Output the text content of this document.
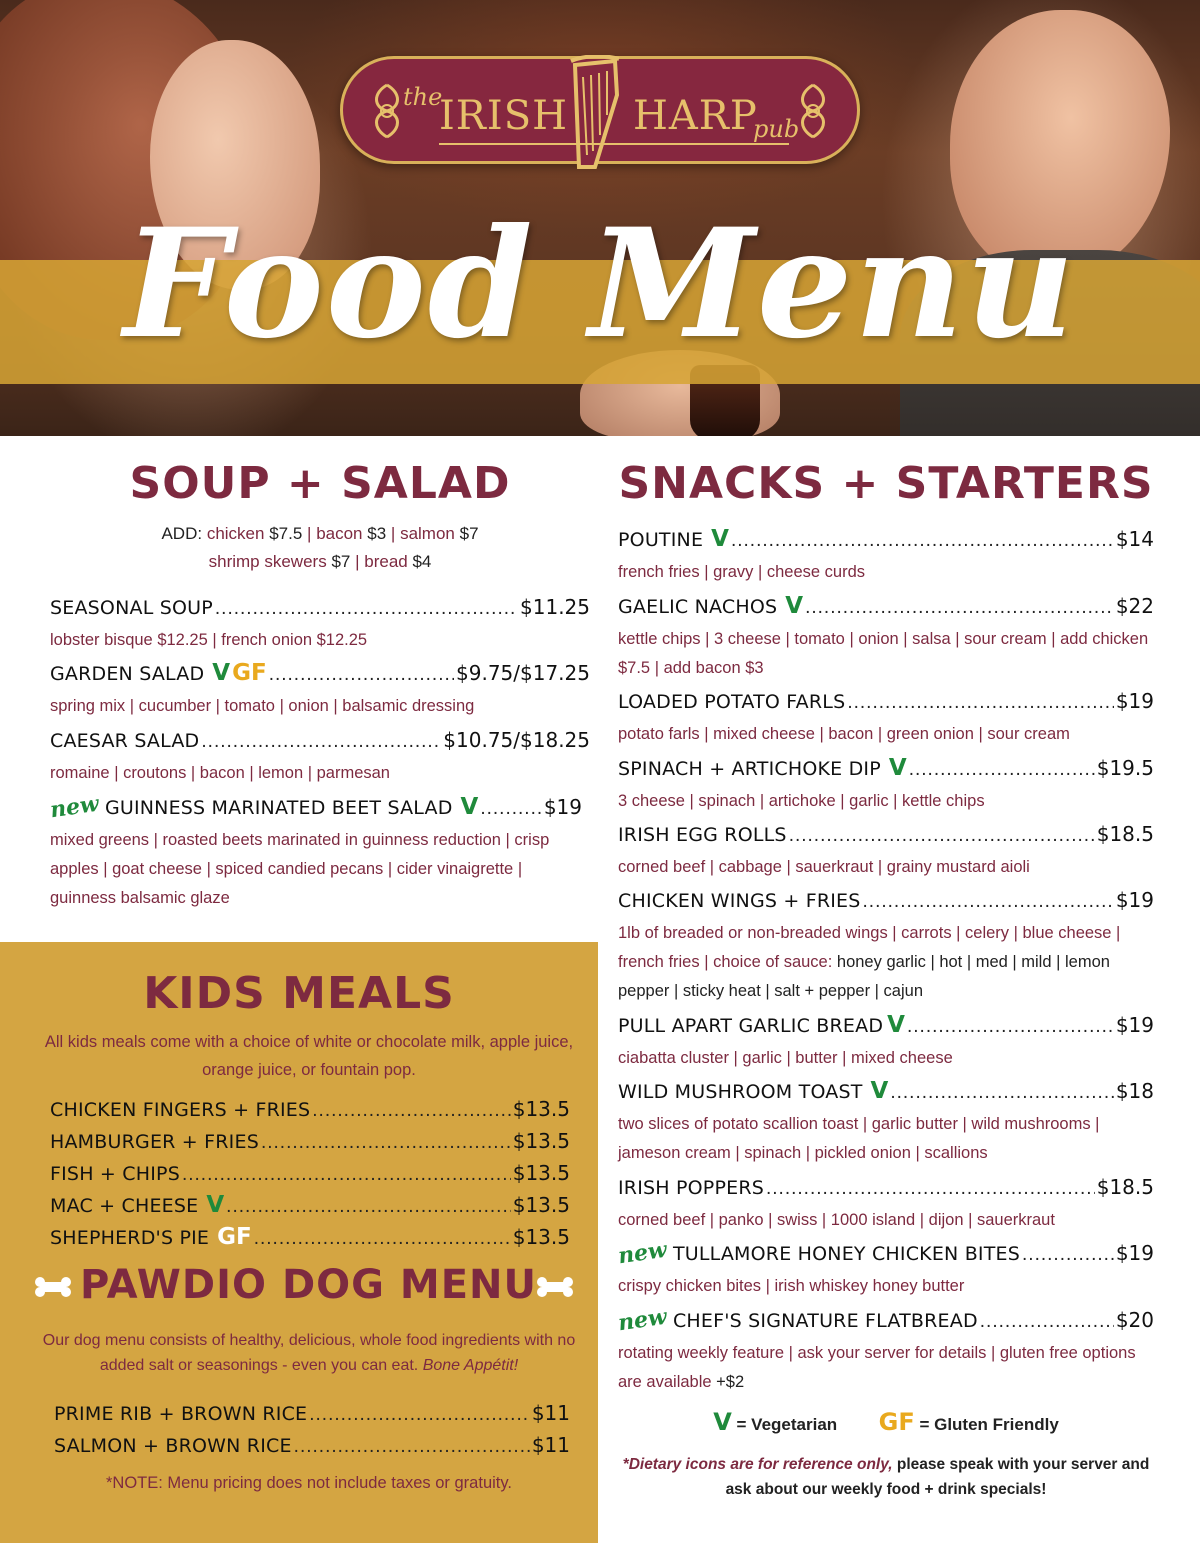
Food Menu
the
IRISH HARP
pub
SOUP + SALAD
ADD: chicken $7.5 | bacon $3 | salmon $7
shrimp skewers $7 | bread $4
SEASONAL SOUP .....	$11.25
lobster bisque $12.25 | french onion $12.25
GARDEN SALAD V GF .....	$9.75/$17.25
spring mix | cucumber | tomato | onion | balsamic dressing
CAESAR SALAD .....	$10.75/$18.25
romaine | croutons | bacon | lemon | parmesan
new GUINNESS MARINATED BEET SALAD V .....	$19
mixed greens | roasted beets marinated in guinness reduction | crisp apples | goat cheese | spiced candied pecans | cider vinaigrette | guinness balsamic glaze
KIDS MEALS
All kids meals come with a choice of white or chocolate milk, apple juice, orange juice, or fountain pop.
CHICKEN FINGERS + FRIES .....	$13.5
HAMBURGER + FRIES .....	$13.5
FISH + CHIPS .....	$13.5
MAC + CHEESE V .....	$13.5
SHEPHERD'S PIE GF .....	$13.5
PAWDIO DOG MENU
Our dog menu consists of healthy, delicious, whole food ingredients with no added salt or seasonings - even you can eat. Bone Appétit!
PRIME RIB + BROWN RICE .....	$11
SALMON + BROWN RICE .....	$11
*NOTE: Menu pricing does not include taxes or gratuity.
SNACKS + STARTERS
POUTINE V .....	$14
french fries | gravy | cheese curds
GAELIC NACHOS V .....	$22
kettle chips | 3 cheese | tomato | onion | salsa | sour cream | add chicken $7.5 | add bacon $3
LOADED POTATO FARLS .....	$19
potato farls | mixed cheese | bacon | green onion | sour cream
SPINACH + ARTICHOKE DIP V .....	$19.5
3 cheese | spinach | artichoke | garlic | kettle chips
IRISH EGG ROLLS .....	$18.5
corned beef | cabbage | sauerkraut | grainy mustard aioli
CHICKEN WINGS + FRIES .....	$19
1lb of breaded or non-breaded wings | carrots | celery | blue cheese | french fries | choice of sauce: honey garlic | hot | med | mild | lemon pepper | sticky heat | salt + pepper | cajun
PULL APART GARLIC BREAD V .....	$19
ciabatta cluster | garlic | butter | mixed cheese
WILD MUSHROOM TOAST V .....	$18
two slices of potato scallion toast | garlic butter | wild mushrooms | jameson cream | spinach | pickled onion | scallions
IRISH POPPERS .....	$18.5
corned beef | panko | swiss | 1000 island | dijon | sauerkraut
new TULLAMORE HONEY CHICKEN BITES .....	$19
crispy chicken bites | irish whiskey honey butter
new CHEF'S SIGNATURE FLATBREAD .....	$20
rotating weekly feature | ask your server for details | gluten free options are available +$2
V = Vegetarian GF = Gluten Friendly
*Dietary icons are for reference only, please speak with your server and ask about our weekly food + drink specials!
